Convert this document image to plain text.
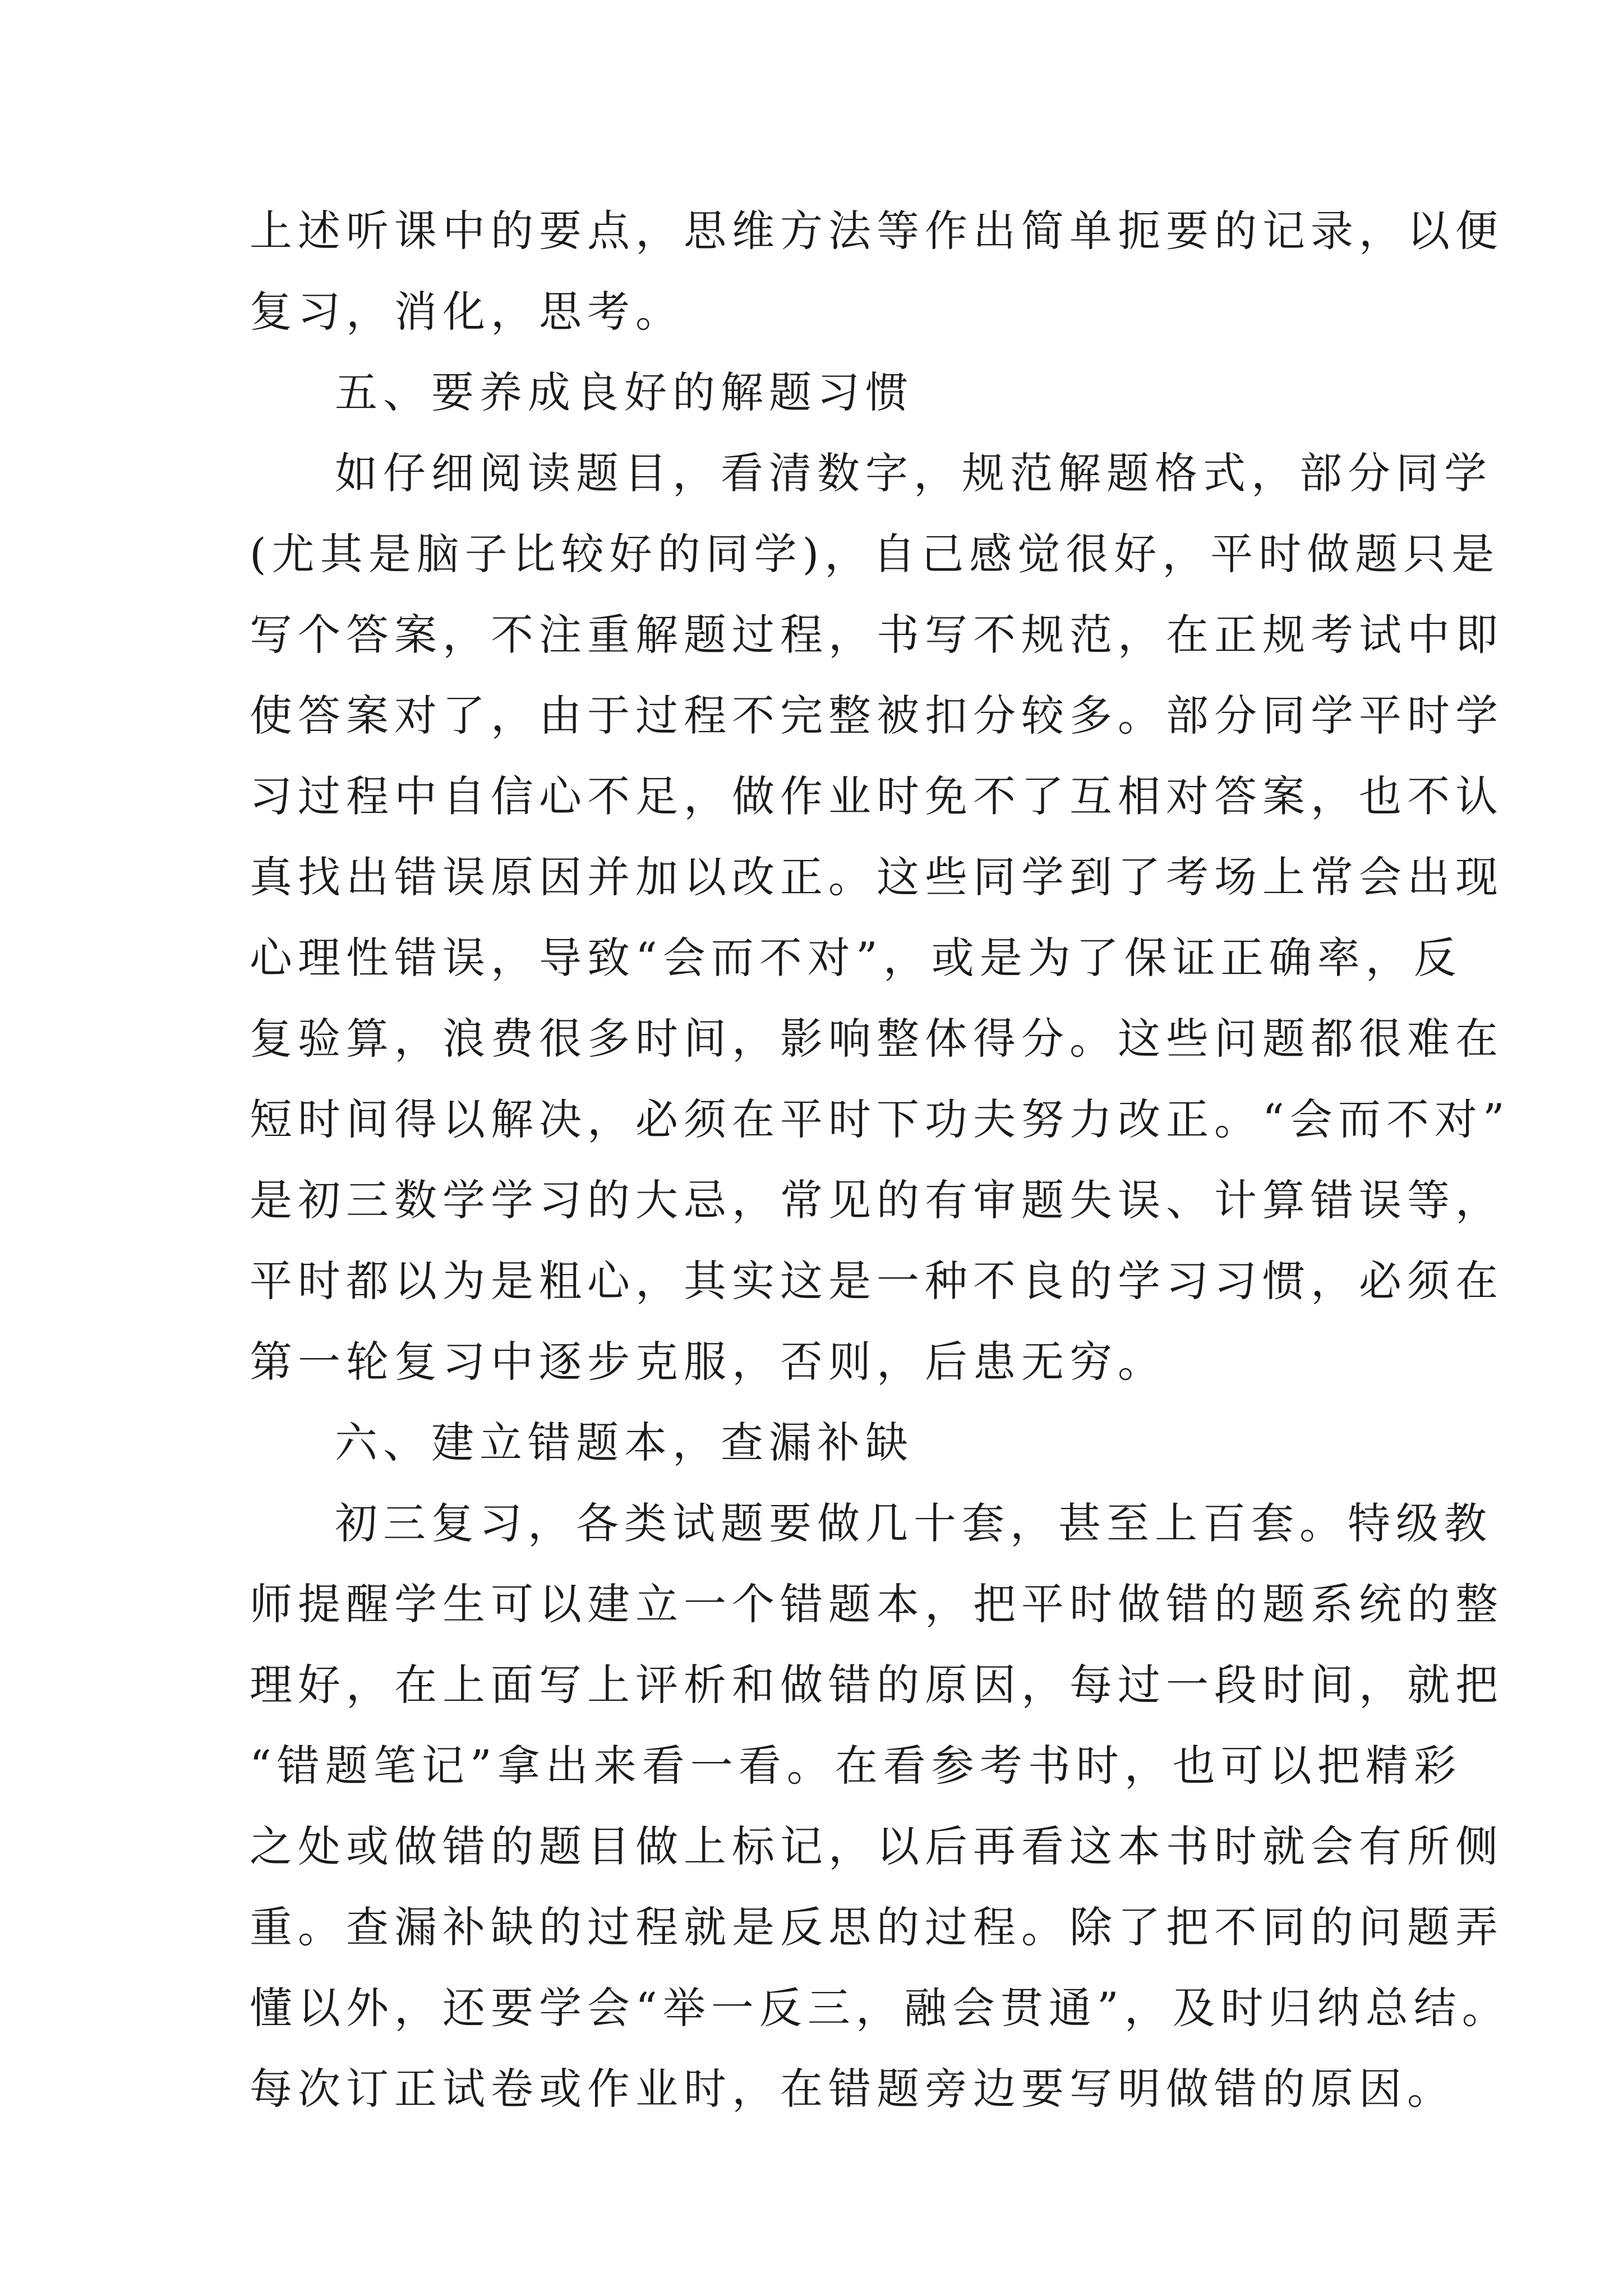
上述听课中的要点，思维方法等作出简单扼要的记录，以便
复习，消化，思考。
五、要养成良好的解题习惯
如仔细阅读题目，看清数字，规范解题格式，部分同学
(尤其是脑子比较好的同学)，自己感觉很好，平时做题只是
写个答案，不注重解题过程，书写不规范，在正规考试中即
使答案对了，由于过程不完整被扣分较多。部分同学平时学
习过程中自信心不足，做作业时免不了互相对答案，也不认
真找出错误原因并加以改正。这些同学到了考场上常会出现
心理性错误，导致“会而不对”，或是为了保证正确率，反
复验算，浪费很多时间，影响整体得分。这些问题都很难在
短时间得以解决，必须在平时下功夫努力改正。“会而不对”
是初三数学学习的大忌，常见的有审题失误、计算错误等，
平时都以为是粗心，其实这是一种不良的学习习惯，必须在
第一轮复习中逐步克服，否则，后患无穷。
六、建立错题本，查漏补缺
初三复习，各类试题要做几十套，甚至上百套。特级教
师提醒学生可以建立一个错题本，把平时做错的题系统的整
理好，在上面写上评析和做错的原因，每过一段时间，就把
“错题笔记”拿出来看一看。在看参考书时，也可以把精彩
之处或做错的题目做上标记，以后再看这本书时就会有所侧
重。查漏补缺的过程就是反思的过程。除了把不同的问题弄
懂以外，还要学会“举一反三，融会贯通”，及时归纳总结。
每次订正试卷或作业时，在错题旁边要写明做错的原因。
